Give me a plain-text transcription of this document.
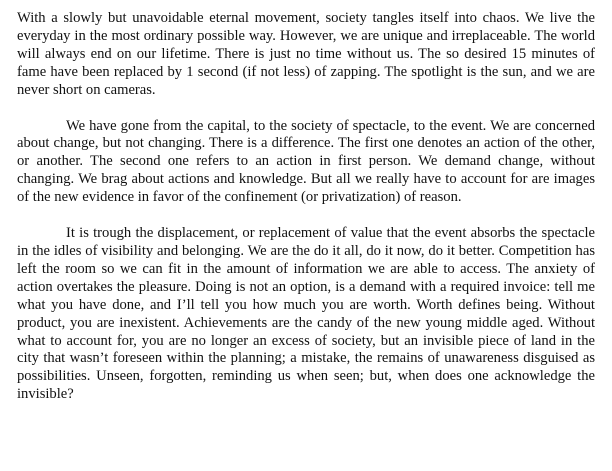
With a slowly but unavoidable eternal movement, society tangles itself into chaos. We live the everyday in the most ordinary possible way. However, we are unique and irreplaceable. The world will always end on our lifetime. There is just no time without us. The so desired 15 minutes of fame have been replaced by 1 second (if not less) of zapping. The spotlight is the sun, and we are never short on cameras.

We have gone from the capital, to the society of spectacle, to the event. We are concerned about change, but not changing. There is a difference. The first one denotes an action of the other, or another. The second one refers to an action in first person. We demand change, without changing. We brag about actions and knowledge. But all we really have to account for are images of the new evidence in favor of the confinement (or privatization) of reason.

It is trough the displacement, or replacement of value that the event absorbs the spectacle in the idles of visibility and belonging. We are the do it all, do it now, do it better. Competition has left the room so we can fit in the amount of information we are able to access. The anxiety of action overtakes the pleasure. Doing is not an option, is a demand with a required invoice: tell me what you have done, and I’ll tell you how much you are worth. Worth defines being. Without product, you are inexistent. Achievements are the candy of the new young middle aged. Without what to account for, you are no longer an excess of society, but an invisible piece of land in the city that wasn’t foreseen within the planning; a mistake, the remains of unawareness disguised as possibilities. Unseen, forgotten, reminding us when seen; but, when does one acknowledge the invisible?
